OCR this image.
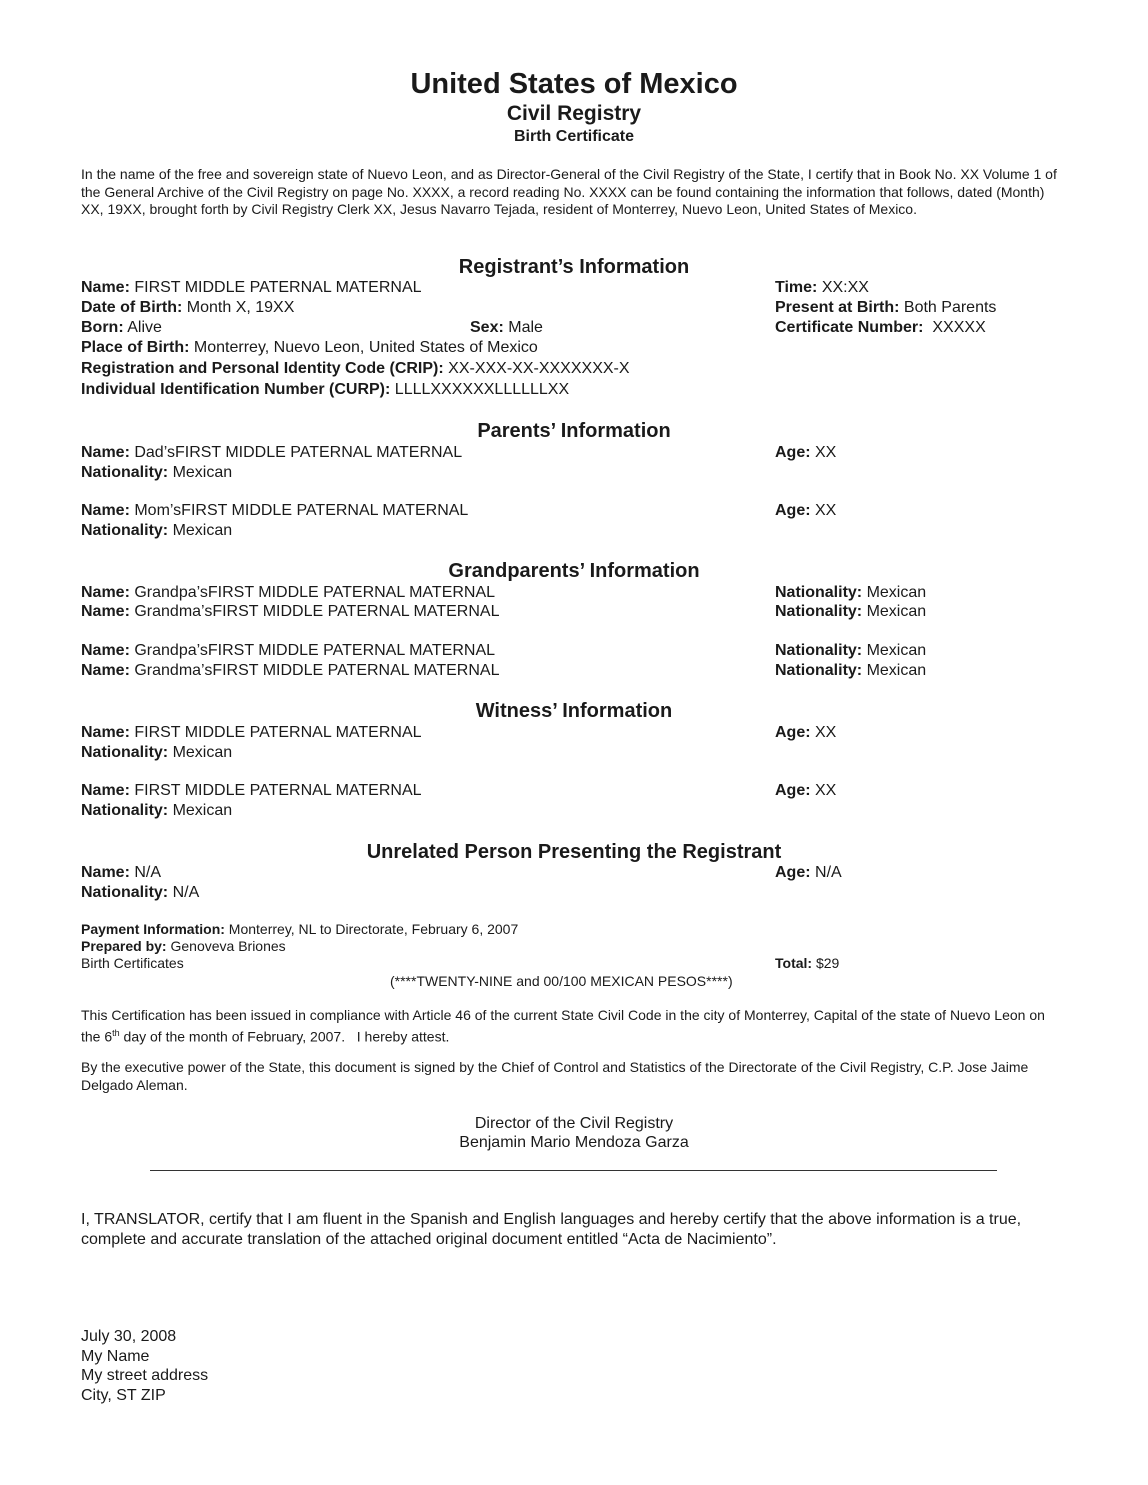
United States of Mexico
Civil Registry
Birth Certificate
In the name of the free and sovereign state of Nuevo Leon, and as Director-General of the Civil Registry of the State, I certify that in Book No. XX Volume 1 of the General Archive of the Civil Registry on page No. XXXX, a record reading No. XXXX can be found containing the information that follows, dated (Month) XX, 19XX, brought forth by Civil Registry Clerk XX, Jesus Navarro Tejada, resident of Monterrey, Nuevo Leon, United States of Mexico.
Registrant’s Information
Name: FIRST MIDDLE PATERNAL MATERNAL	Time: XX:XX
Date of Birth: Month X, 19XX	Present at Birth: Both Parents
Born: Alive	Sex: Male	Certificate Number:  XXXXX
Place of Birth: Monterrey, Nuevo Leon, United States of Mexico
Registration and Personal Identity Code (CRIP): XX-XXX-XX-XXXXXXX-X
Individual Identification Number (CURP): LLLLXXXXXXLLLLLLXX
Parents’ Information
Name: Dad’sFIRST MIDDLE PATERNAL MATERNAL	Age: XX
Nationality: Mexican
Name: Mom’sFIRST MIDDLE PATERNAL MATERNAL	Age: XX
Nationality: Mexican
Grandparents’ Information
Name: Grandpa’sFIRST MIDDLE PATERNAL MATERNAL	Nationality: Mexican
Name: Grandma’sFIRST MIDDLE PATERNAL MATERNAL	Nationality: Mexican
Name: Grandpa’sFIRST MIDDLE PATERNAL MATERNAL	Nationality: Mexican
Name: Grandma’sFIRST MIDDLE PATERNAL MATERNAL	Nationality: Mexican
Witness’ Information
Name: FIRST MIDDLE PATERNAL MATERNAL	Age: XX
Nationality: Mexican
Name: FIRST MIDDLE PATERNAL MATERNAL	Age: XX
Nationality: Mexican
Unrelated Person Presenting the Registrant
Name: N/A	Age: N/A
Nationality: N/A
Payment Information: Monterrey, NL to Directorate, February 6, 2007
Prepared by: Genoveva Briones
Birth Certificates	Total: $29
(****TWENTY-NINE and 00/100 MEXICAN PESOS****)
This Certification has been issued in compliance with Article 46 of the current State Civil Code in the city of Monterrey, Capital of the state of Nuevo Leon on the 6th day of the month of February, 2007.   I hereby attest.
By the executive power of the State, this document is signed by the Chief of Control and Statistics of the Directorate of the Civil Registry, C.P. Jose Jaime Delgado Aleman.
Director of the Civil Registry
Benjamin Mario Mendoza Garza
I, TRANSLATOR, certify that I am fluent in the Spanish and English languages and hereby certify that the above information is a true, complete and accurate translation of the attached original document entitled “Acta de Nacimiento”.
July 30, 2008
My Name
My street address
City, ST ZIP
